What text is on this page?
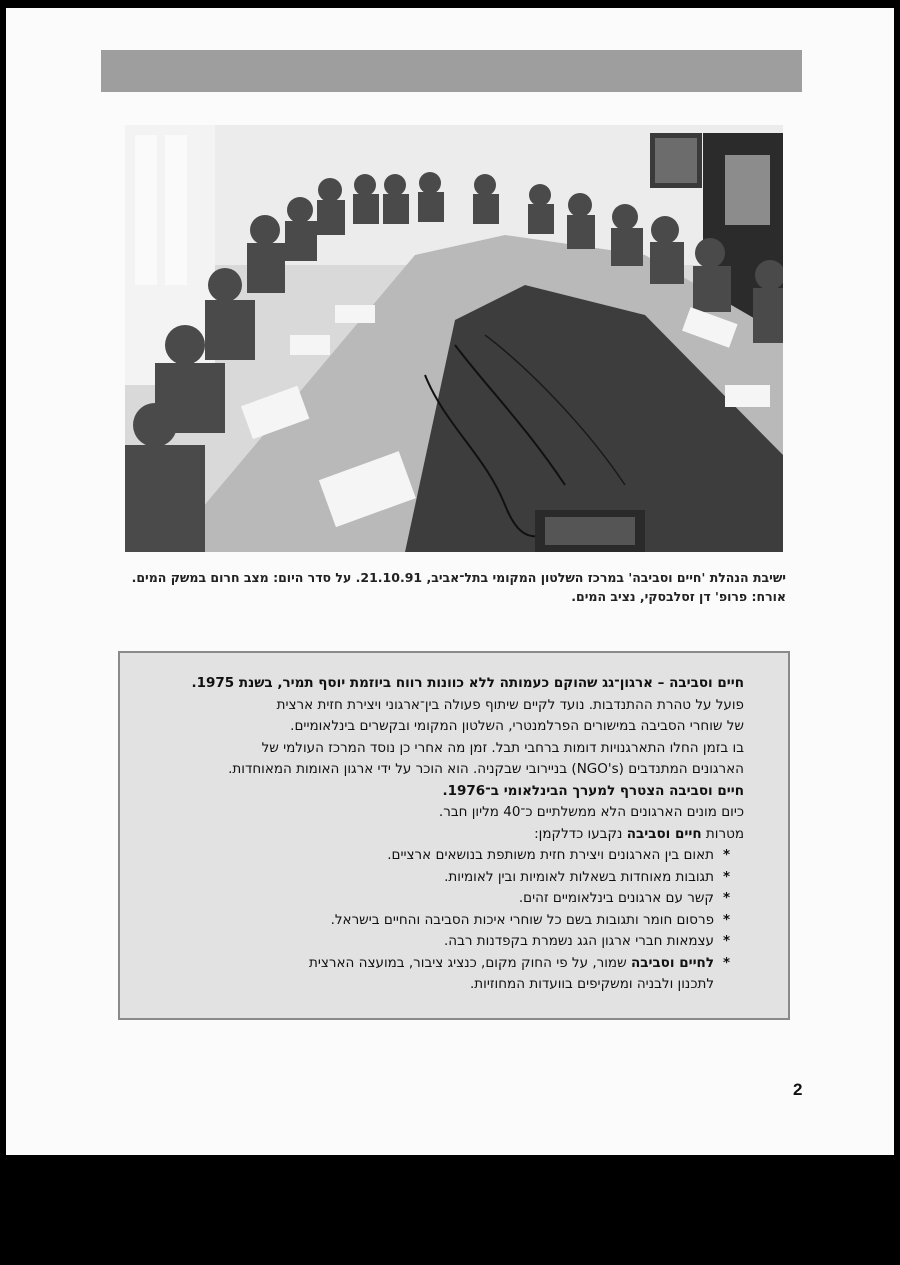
ישיבת הנהלת 'חיים וסביבה' במרכז השלטון המקומי בתל־אביב, 21.10.91. על סדר היום: מצב חרום במשק המים.
אורח: פרופ' דן זסלבסקי, נציב המים.
חיים וסביבה – ארגון־גג שהוקם כעמותה ללא כוונות רווח ביוזמת יוסף תמיר, בשנת 1975.
פועל על טהרת ההתנדבות. נועד לקיים שיתוף פעולה בין־ארגוני ויצירת חזית ארצית
של שוחרי הסביבה במישורים הפרלמנטרי, השלטון המקומי ובקשרים בינלאומיים.
בו בזמן החלו התארגנויות דומות ברחבי תבל. זמן מה אחרי כן נוסד המרכז העולמי של
הארגונים המתנדבים (NGO's) בניירובי שבקניה. הוא הוכר על ידי ארגון האומות המאוחדות.
חיים וסביבה הצטרף למערך הבינלאומי ב־1976.
כיום מונים הארגונים הלא ממשלתיים כ־40 מליון חבר.
מטרות חיים וסביבה נקבעו כדלקמן:
*
תאום בין הארגונים ויצירת חזית משותפת בנושאים ארציים.
*
תגובות מאוחדות בשאלות לאומיות ובין לאומיות.
*
קשר עם ארגונים בינלאומיים זהים.
*
פרסום חומר ותגובות בשם כל שוחרי איכות הסביבה והחיים בישראל.
*
עצמאות חברי ארגון הגג נשמרת בקפדנות רבה.
*
לחיים וסביבה שמור, על פי החוק מקום, כנציג ציבור, במועצה הארצית
לתכנון ולבניה ומשקיפים בוועדות המחוזיות.
2
